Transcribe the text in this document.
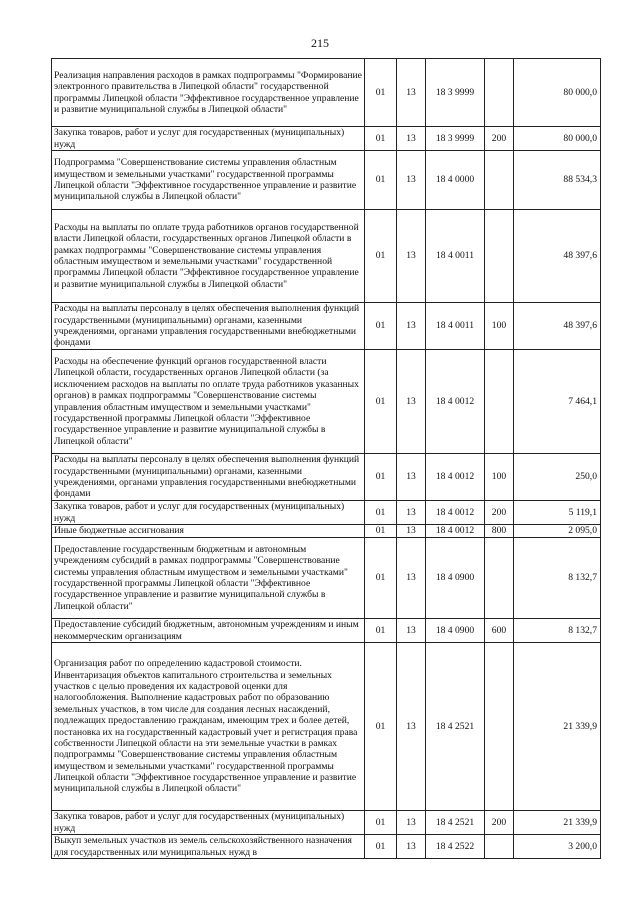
215
Реализация направления расходов в рамках подпрограммы "Формирование электронного правительства в Липецкой области" государственной программы Липецкой области "Эффективное государственное управление и развитие муниципальной службы в Липецкой области"	01	13	18 3 9999		80 000,0
Закупка товаров, работ и услуг для государственных (муниципальных) нужд	01	13	18 3 9999	200	80 000,0
Подпрограмма "Совершенствование системы управления областным имуществом и земельными участками" государственной программы Липецкой области "Эффективное государственное управление и развитие муниципальной службы в Липецкой области"	01	13	18 4 0000		88 534,3
Расходы на выплаты по оплате труда работников органов государственной власти Липецкой области, государственных органов Липецкой области в рамках подпрограммы "Совершенствование системы управления областным имуществом и земельными участками" государственной программы Липецкой области "Эффективное государственное управление и развитие муниципальной службы в Липецкой области"	01	13	18 4 0011		48 397,6
Расходы на выплаты персоналу в целях обеспечения выполнения функций государственными (муниципальными) органами, казенными учреждениями, органами управления государственными внебюджетными фондами	01	13	18 4 0011	100	48 397,6
Расходы на обеспечение функций органов государственной власти Липецкой области, государственных органов Липецкой области (за исключением расходов на выплаты по оплате труда работников указанных органов) в рамках подпрограммы "Совершенствование системы управления областным имуществом и земельными участками" государственной программы Липецкой области "Эффективное государственное управление и развитие муниципальной службы в Липецкой области"	01	13	18 4 0012		7 464,1
Расходы на выплаты персоналу в целях обеспечения выполнения функций государственными (муниципальными) органами, казенными учреждениями, органами управления государственными внебюджетными фондами	01	13	18 4 0012	100	250,0
Закупка товаров, работ и услуг для государственных (муниципальных) нужд	01	13	18 4 0012	200	5 119,1
Иные бюджетные ассигнования	01	13	18 4 0012	800	2 095,0
Предоставление государственным бюджетным и автономным учреждениям субсидий в рамках подпрограммы "Совершенствование системы управления областным имуществом и земельными участками" государственной программы Липецкой области "Эффективное государственное управление и развитие муниципальной службы в Липецкой области"	01	13	18 4 0900		8 132,7
Предоставление субсидий бюджетным, автономным учреждениям и иным некоммерческим организациям	01	13	18 4 0900	600	8 132,7
Организация работ по определению кадастровой стоимости. Инвентаризация объектов капитального строительства и земельных участков с целью проведения их кадастровой оценки для налогообложения. Выполнение кадастровых работ по образованию земельных участков, в том числе для создания лесных насаждений, подлежащих предоставлению гражданам, имеющим трех и более детей, постановка их на государственный кадастровый учет и регистрация права собственности Липецкой области на эти земельные участки в рамках подпрограммы "Совершенствование системы управления областным имуществом и земельными участками" государственной программы Липецкой области "Эффективное государственное управление и развитие муниципальной службы в Липецкой области"	01	13	18 4 2521		21 339,9
Закупка товаров, работ и услуг для государственных (муниципальных) нужд	01	13	18 4 2521	200	21 339,9
Выкуп земельных участков из земель сельскохозяйственного назначения для государственных или муниципальных нужд в	01	13	18 4 2522		3 200,0
